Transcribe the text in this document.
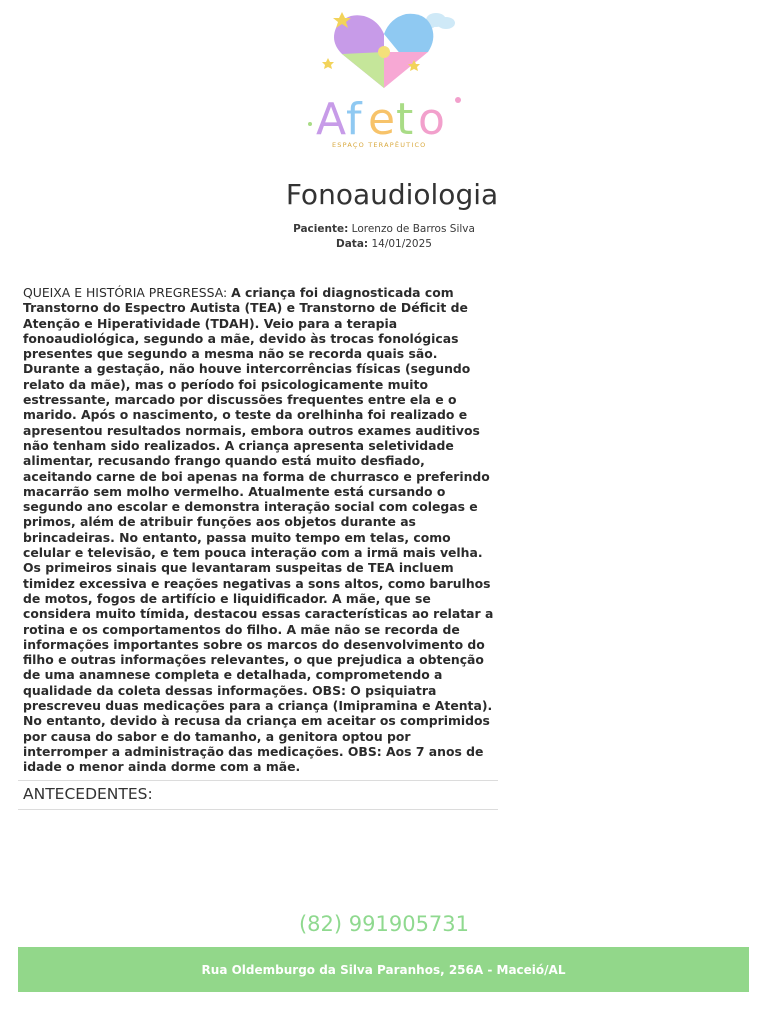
A f e t o
ESPAÇO TERAPÊUTICO
Fonoaudiologia
Paciente: Lorenzo de Barros Silva
Data: 14/01/2025
QUEIXA E HISTÓRIA PREGRESSA: A criança foi diagnosticada com Transtorno do Espectro Autista (TEA) e Transtorno de Déficit de Atenção e Hiperatividade (TDAH). Veio para a terapia fonoaudiológica, segundo a mãe, devido às trocas fonológicas presentes que segundo a mesma não se recorda quais são. Durante a gestação, não houve intercorrências físicas (segundo relato da mãe), mas o período foi psicologicamente muito estressante, marcado por discussões frequentes entre ela e o marido. Após o nascimento, o teste da orelhinha foi realizado e apresentou resultados normais, embora outros exames auditivos não tenham sido realizados. A criança apresenta seletividade alimentar, recusando frango quando está muito desfiado, aceitando carne de boi apenas na forma de churrasco e preferindo macarrão sem molho vermelho. Atualmente está cursando o segundo ano escolar e demonstra interação social com colegas e primos, além de atribuir funções aos objetos durante as brincadeiras. No entanto, passa muito tempo em telas, como celular e televisão, e tem pouca interação com a irmã mais velha. Os primeiros sinais que levantaram suspeitas de TEA incluem timidez excessiva e reações negativas a sons altos, como barulhos de motos, fogos de artifício e liquidificador. A mãe, que se considera muito tímida, destacou essas características ao relatar a rotina e os comportamentos do filho. A mãe não se recorda de informações importantes sobre os marcos do desenvolvimento do filho e outras informações relevantes, o que prejudica a obtenção de uma anamnese completa e detalhada, comprometendo a qualidade da coleta dessas informações. OBS: O psiquiatra prescreveu duas medicações para a criança (Imipramina e Atenta). No entanto, devido à recusa da criança em aceitar os comprimidos por causa do sabor e do tamanho, a genitora optou por interromper a administração das medicações. OBS: Aos 7 anos de idade o menor ainda dorme com a mãe.
ANTECEDENTES:
(82) 991905731
Rua Oldemburgo da Silva Paranhos, 256A - Maceió/AL
